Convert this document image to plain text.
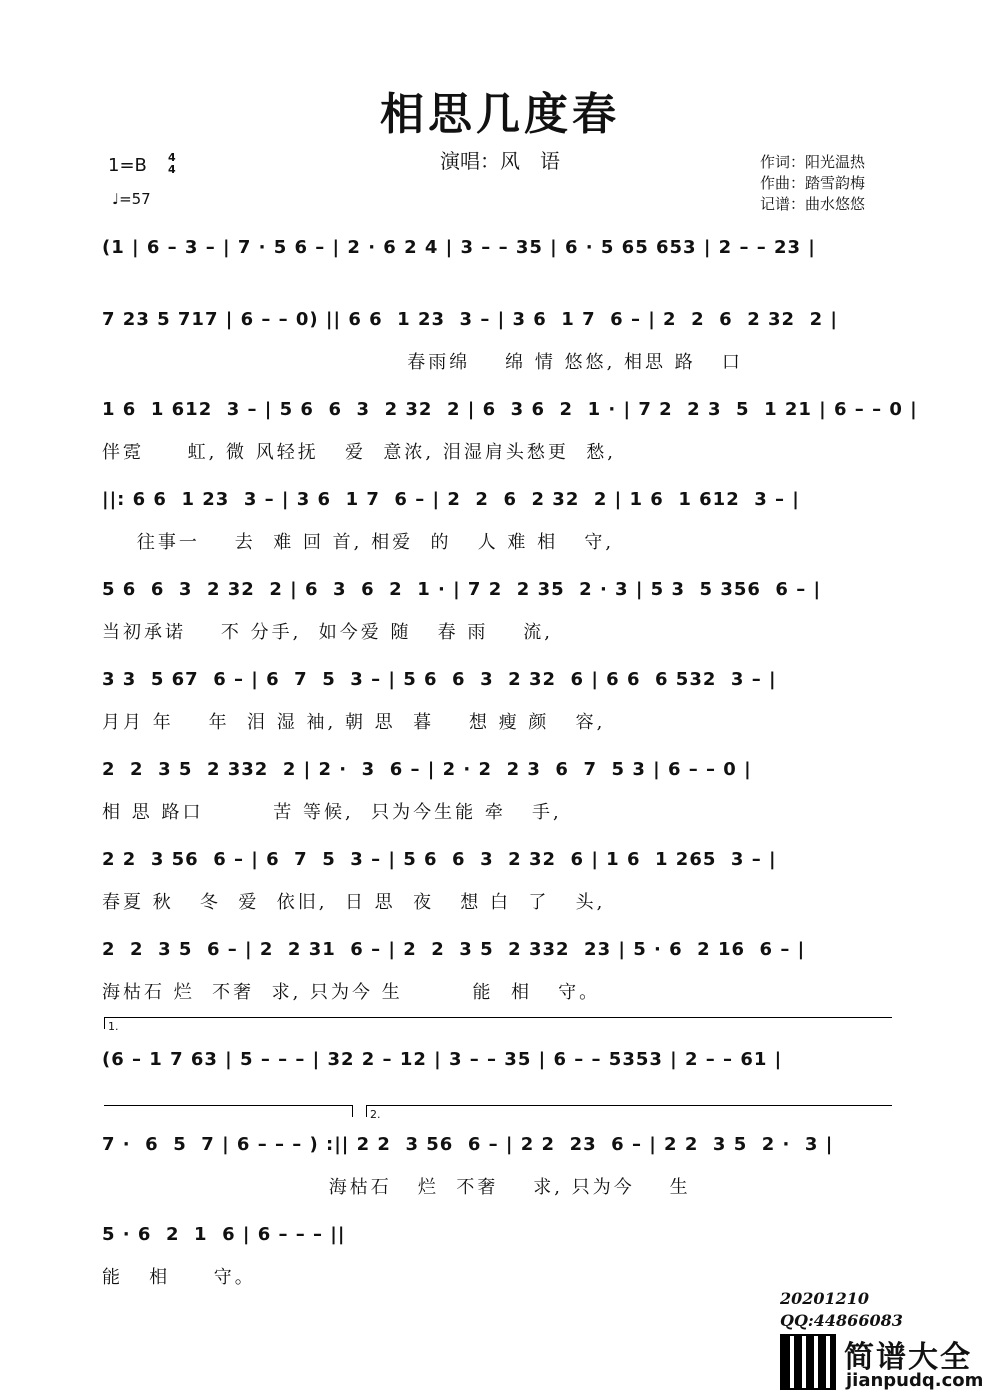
相思几度春
演唱：风　语
1=B 4
4
♩=57
作词：阳光温热
作曲：踏雪韵梅
记谱：曲水悠悠
(1 | 6 – 3 – | 7 · 5 6 – | 2 · 6 2 4 | 3 – – 35 | 6 · 5 65 653 | 2 – – 23 |
7 23 5 717 | 6 – – 0) || 6 6  1 23  3 – | 3 6  1 7  6 – | 2  2  6  2 32  2 |
春雨绵    绵 情 悠悠, 相思 路   口
1 6  1 612  3 – | 5 6  6  3  2 32  2 | 6  3 6  2  1 · | 7 2  2 3  5  1 21 | 6 – – 0 |
伴霓     虹, 微 风轻抚   爱  意浓, 泪湿肩头愁更  愁,
||: 6 6  1 23  3 – | 3 6  1 7  6 – | 2  2  6  2 32  2 | 1 6  1 612  3 – |
往事一    去  难 回 首, 相爱  的   人 难 相   守,
5 6  6  3  2 32  2 | 6  3  6  2  1 · | 7 2  2 35  2 · 3 | 5 3  5 356  6 – |
当初承诺    不 分手,  如今爱 随   春 雨    流,
3 3  5 67  6 – | 6  7  5  3 – | 5 6  6  3  2 32  6 | 6 6  6 532  3 – |
月月 年    年  泪 湿 袖, 朝 思  暮    想 瘦 颜   容,
2  2  3 5  2 332  2 | 2 ·  3  6 – | 2 · 2  2 3  6  7  5 3 | 6 – – 0 |
相 思 路口        苦 等候,  只为今生能 牵   手,
2 2  3 56  6 – | 6  7  5  3 – | 5 6  6  3  2 32  6 | 1 6  1 265  3 – |
春夏 秋   冬  爱  依旧,  日 思  夜   想 白  了   头,
2  2  3 5  6 – | 2  2 31  6 – | 2  2  3 5  2 332  23 | 5 · 6  2 16  6 – |
海枯石 烂  不奢  求, 只为今 生        能  相   守。
1.
(6 – 1 7 63 | 5 – – – | 32 2 – 12 | 3 – – 35 | 6 – – 5353 | 2 – – 61 |
2.
7 ·  6  5  7 | 6 – – – ) :|| 2 2  3 56  6 – | 2 2  23  6 – | 2 2  3 5  2 ·  3 |
海枯石   烂  不奢    求, 只为今    生
5 · 6  2  1  6 | 6 – – – ||
能   相     守。
20201210
QQ:44866083
简谱大全
jianpudq.com
